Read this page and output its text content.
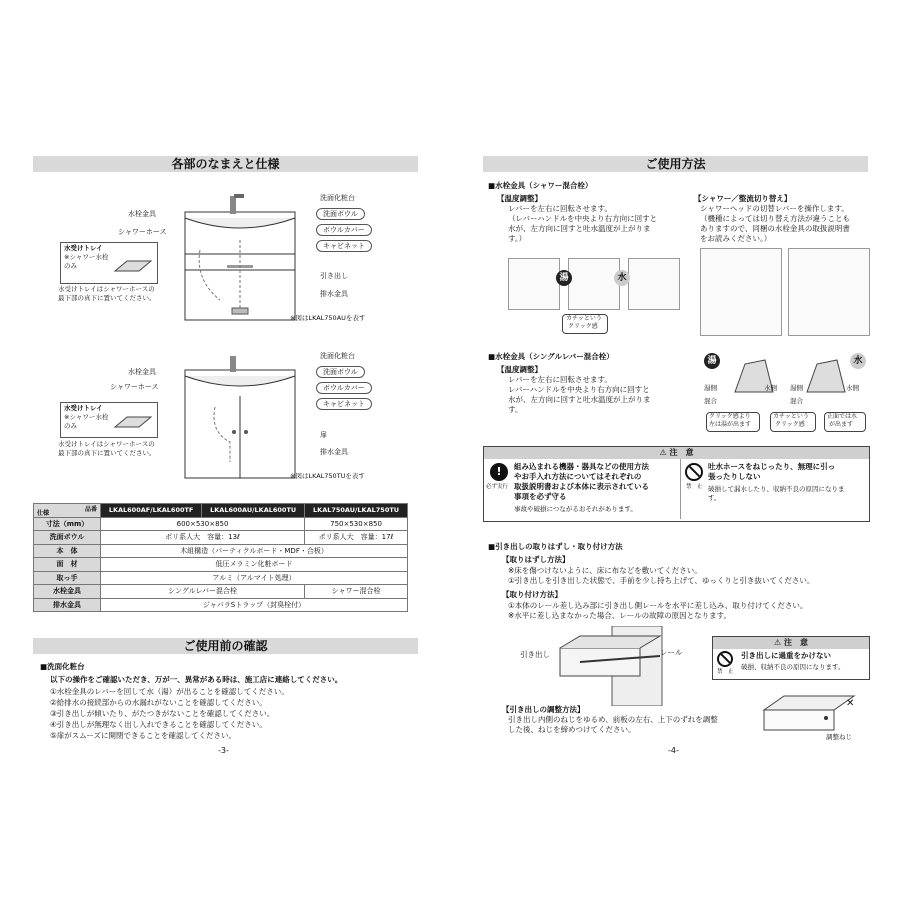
各部のなまえと仕様
水栓金具
シャワーホース
洗面化粧台
洗面ボウル
ボウルカバー
キャビネット
引き出し
排水金具
水受けトレイ
※シャワー水栓
のみ
水受けトレイはシャワーホースの
最下部の真下に置いてください。
※図はLKAL750AUを表す
水栓金具
シャワーホース
洗面化粧台
洗面ボウル
ボウルカバー
キャビネット
扉
排水金具
水受けトレイ
※シャワー水栓
のみ
水受けトレイはシャワーホースの
最下部の真下に置いてください。
※図はLKAL750TUを表す
品番
仕様	LKAL600AF/LKAL600TF	LKAL600AU/LKAL600TU	LKAL750AU/LKAL750TU
寸法（mm）	600×530×850		750×530×850
洗面ボウル	ポリ系人大　容量：13ℓ		ポリ系人大　容量：17ℓ
本　体	木組構造（パーティクルボード・MDF・合板）		
面　材	低圧メラミン化粧ボード		
取っ手	アルミ（アルマイト処理）		
水栓金具	シングルレバー混合栓		シャワー混合栓
排水金具	ジャバラSトラップ（封臭栓付）		
ご使用前の確認
■洗面化粧台
以下の操作をご確認いただき、万が一、異常がある時は、施工店に連絡してください。
①水栓金具のレバーを回して水（湯）が出ることを確認してください。
②給排水の接続部からの水漏れがないことを確認してください。
③引き出しが傾いたり、がたつきがないことを確認してください。
④引き出しが無理なく出し入れできることを確認してください。
⑤扉がスムーズに開閉できることを確認してください。
-3-
ご使用方法
■水栓金具（シャワー混合栓）
【温度調整】
レバーを左右に回転させます。
（レバーハンドルを中央より右方向に回すと
水が、左方向に回すと吐水温度が上がりま
す。）
【シャワー／整流切り替え】
シャワーヘッドの切替レバーを操作します。
（機種によっては切り替え方法が違うことも
ありますので、同梱の水栓金具の取扱説明書
をお読みください。）
湯	水
カチッという
クリック感
■水栓金具（シングルレバー混合栓）
【温度調整】
レバーを左右に回転させます。
レバーハンドルを中央より右方向に回すと
水が、左方向に回すと吐水温度が上がりま
す。
湯	水
湯側	水側
混合
湯側	水側
混合
クリック感より
左は湯が出ます
カチッという
クリック感
正面では水
が出ます
⚠ 注　意
!
必ず実行
組み込まれる機器・器具などの使用方法
やお手入れ方法についてはそれぞれの
取扱説明書および本体に表示されている
事項を必ず守る
事故や破損につながるおそれがあります。
禁　止
吐水ホースをねじったり、無理に引っ
張ったりしない
破損して漏水したり、収納不良の原因になりま
す。
■引き出しの取りはずし・取り付け方法
【取りはずし方法】
※床を傷つけないように、床に布などを敷いてください。
①引き出しを引き出した状態で、手前を少し持ち上げて、ゆっくりと引き抜いてください。
【取り付け方法】
①本体のレール差し込み部に引き出し側レールを水平に差し込み、取り付けてください。
※水平に差し込まなかった場合、レールの故障の原因となります。
引き出し	レール
⚠ 注　意
禁　止
引き出しに過重をかけない
破損、収納不良の原因になります。
【引き出しの調整方法】
引き出し内側のねじをゆるめ、前板の左右、上下のずれを調整
した後、ねじを締めつけてください。
✕
調整ねじ
-4-
